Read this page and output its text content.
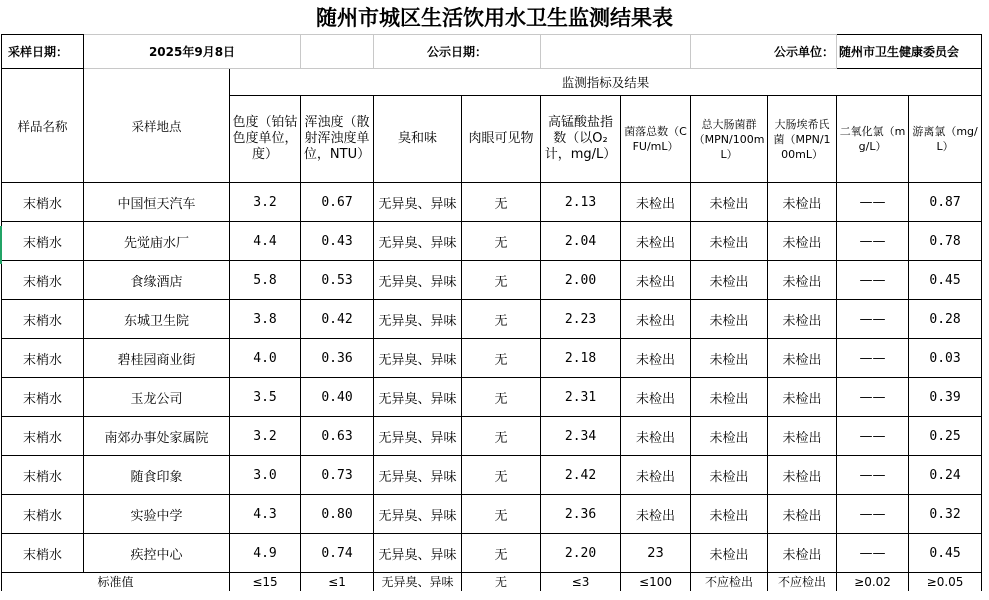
随州市城区生活饮用水卫生监测结果表
采样日期：	2025年9月8日			公示日期：				公示单位：		随州市卫生健康委员会	
样品名称	采样地点	监测指标及结果									
		色度（铂钴色度单位，度）	浑浊度（散射浑浊度单位，NTU）	臭和味	肉眼可见物	高锰酸盐指数（以O₂计，mg/L）	菌落总数（CFU/mL）	总大肠菌群（MPN/100mL）	大肠埃希氏菌（MPN/100mL）	二氧化氯（mg/L）	游离氯（mg/L）
末梢水	中国恒天汽车	3.2	0.67	无异臭、异味	无	2.13	未检出	未检出	未检出	——	0.87
末梢水	先觉庙水厂	4.4	0.43	无异臭、异味	无	2.04	未检出	未检出	未检出	——	0.78
末梢水	食缘酒店	5.8	0.53	无异臭、异味	无	2.00	未检出	未检出	未检出	——	0.45
末梢水	东城卫生院	3.8	0.42	无异臭、异味	无	2.23	未检出	未检出	未检出	——	0.28
末梢水	碧桂园商业街	4.0	0.36	无异臭、异味	无	2.18	未检出	未检出	未检出	——	0.03
末梢水	玉龙公司	3.5	0.40	无异臭、异味	无	2.31	未检出	未检出	未检出	——	0.39
末梢水	南郊办事处家属院	3.2	0.63	无异臭、异味	无	2.34	未检出	未检出	未检出	——	0.25
末梢水	随食印象	3.0	0.73	无异臭、异味	无	2.42	未检出	未检出	未检出	——	0.24
末梢水	实验中学	4.3	0.80	无异臭、异味	无	2.36	未检出	未检出	未检出	——	0.32
末梢水	疾控中心	4.9	0.74	无异臭、异味	无	2.20	23	未检出	未检出	——	0.45
标准值		≤15	≤1	无异臭、异味	无	≤3	≤100	不应检出	不应检出	≥0.02	≥0.05
